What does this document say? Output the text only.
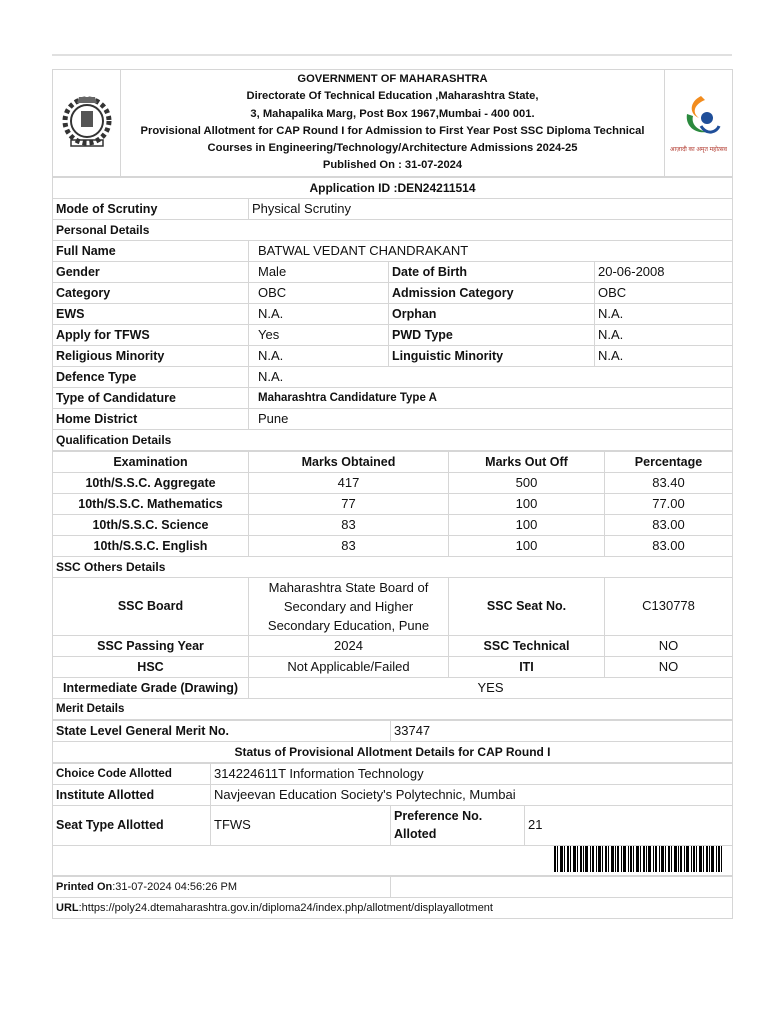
GOVERNMENT OF MAHARASHTRA
Directorate Of Technical Education ,Maharashtra State,
3, Mahapalika Marg, Post Box 1967,Mumbai - 400 001.
Provisional Allotment for CAP Round I for Admission to First Year Post SSC Diploma Technical
Courses in Engineering/Technology/Architecture Admissions 2024-25
Published On : 31-07-2024

आज़ादी का अमृत महोत्सव
Application ID :DEN24211514			
Mode of Scrutiny	Physical Scrutiny		
Personal Details			
Full Name	BATWAL VEDANT CHANDRAKANT		
Gender	Male	Date of Birth	20-06-2008
Category	OBC	Admission Category	OBC
EWS	N.A.	Orphan	N.A.
Apply for TFWS	Yes	PWD Type	N.A.
Religious Minority	N.A.	Linguistic Minority	N.A.
Defence Type	N.A.		
Type of Candidature	Maharashtra Candidature Type A		
Home District	Pune		
Qualification Details			
Examination	Marks Obtained	Marks Out Off	Percentage
10th/S.S.C. Aggregate	417	500	83.40
10th/S.S.C. Mathematics	77	100	77.00
10th/S.S.C. Science	83	100	83.00
10th/S.S.C. English	83	100	83.00
SSC Others Details			
SSC Board	Maharashtra State Board of Secondary and Higher Secondary Education, Pune	SSC Seat No.	C130778
SSC Passing Year	2024	SSC Technical	NO
HSC	Not Applicable/Failed	ITI	NO
Intermediate Grade (Drawing)	YES		
Merit Details			
State Level General Merit No.	33747
Status of Provisional Allotment Details for CAP Round I
Choice Code Allotted	314224611T Information Technology		
Institute Allotted	Navjeevan Education Society's Polytechnic, Mumbai		
Seat Type Allotted	TFWS	Preference No. Alloted	21

Printed On:31-07-2024 04:56:26 PM	
URL:https://poly24.dtemaharashtra.gov.in/diploma24/index.php/allotment/displayallotment
